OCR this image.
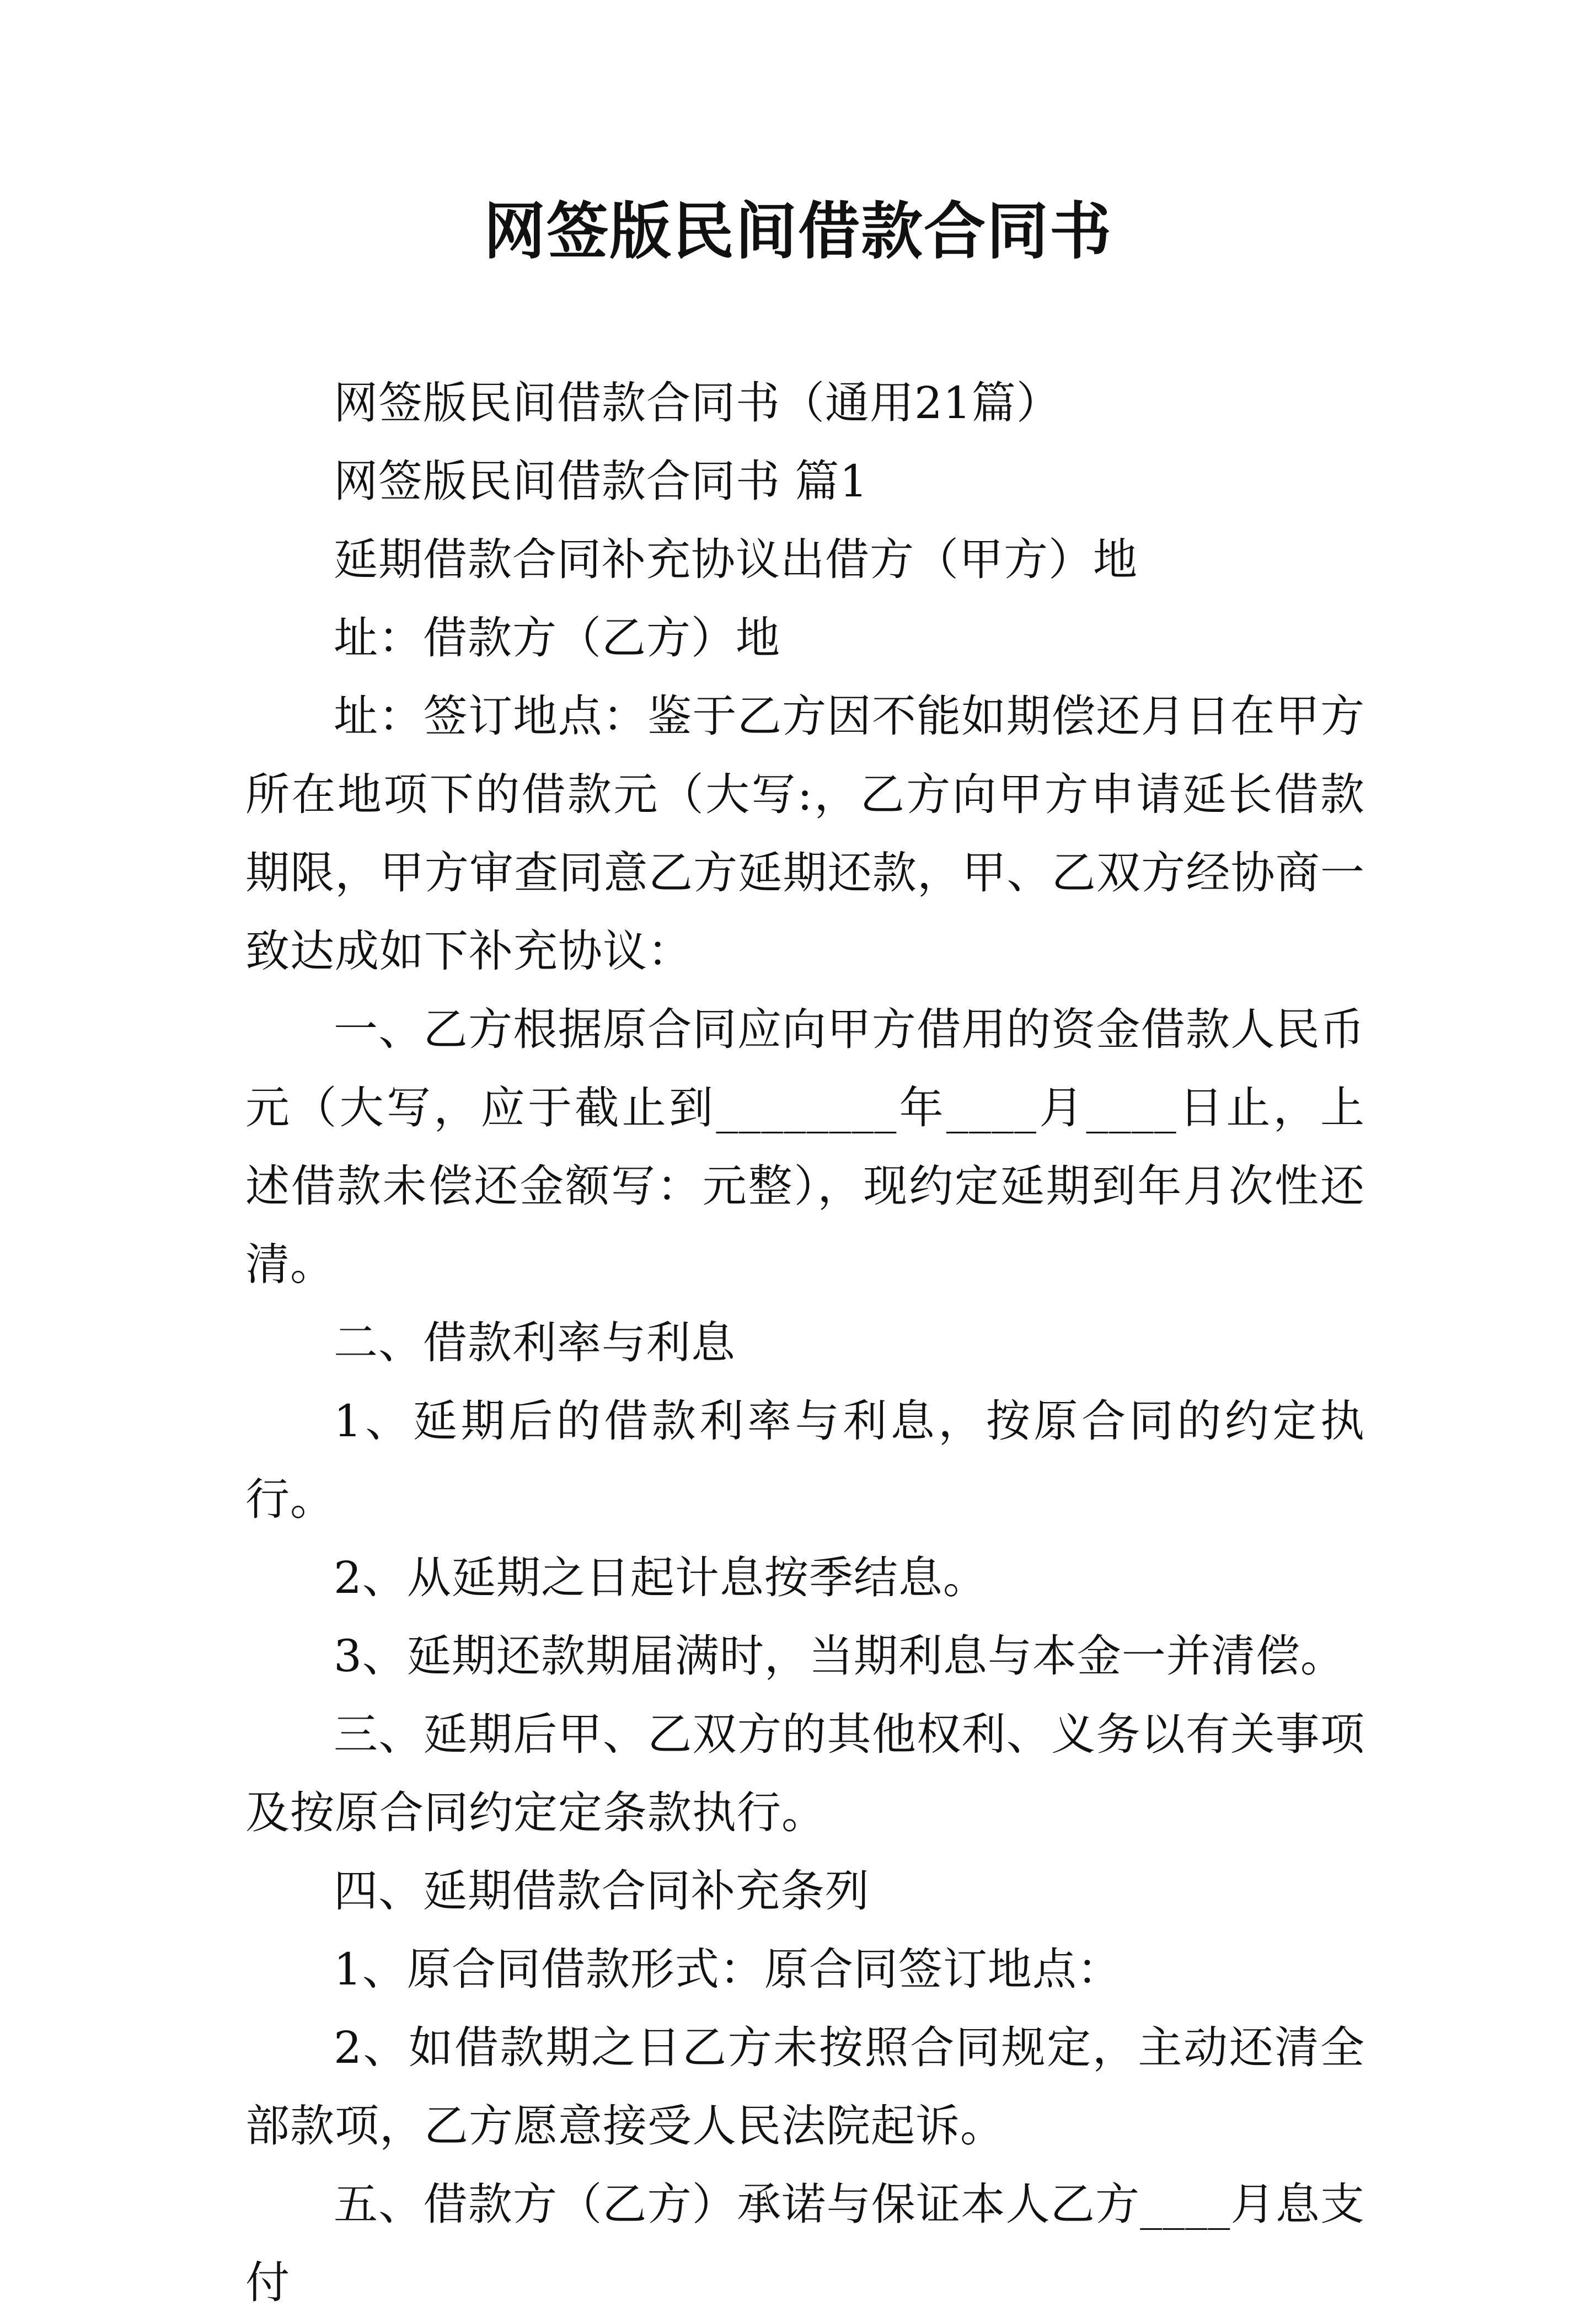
网签版民间借款合同书

网签版民间借款合同书（通用21篇）

网签版民间借款合同书 篇1

延期借款合同补充协议出借方（甲方）地

址：借款方（乙方）地

址：签订地点：鉴于乙方因不能如期偿还月日在甲方所在地项下的借款元（大写:，乙方向甲方申请延长借款期限，甲方审查同意乙方延期还款，甲、乙双方经协商一致达成如下补充协议：

一、乙方根据原合同应向甲方借用的资金借款人民币元（大写，应于截止到________年____月____日止，上述借款未偿还金额写：元整），现约定延期到年月次性还清。

二、借款利率与利息

1、延期后的借款利率与利息，按原合同的约定执行。

2、从延期之日起计息按季结息。

3、延期还款期届满时，当期利息与本金一并清偿。

三、延期后甲、乙双方的其他权利、义务以有关事项及按原合同约定定条款执行。

四、延期借款合同补充条列

1、原合同借款形式：原合同签订地点：

2、如借款期之日乙方未按照合同规定，主动还清全部款项，乙方愿意接受人民法院起诉。

五、借款方（乙方）承诺与保证本人乙方____月息支付
